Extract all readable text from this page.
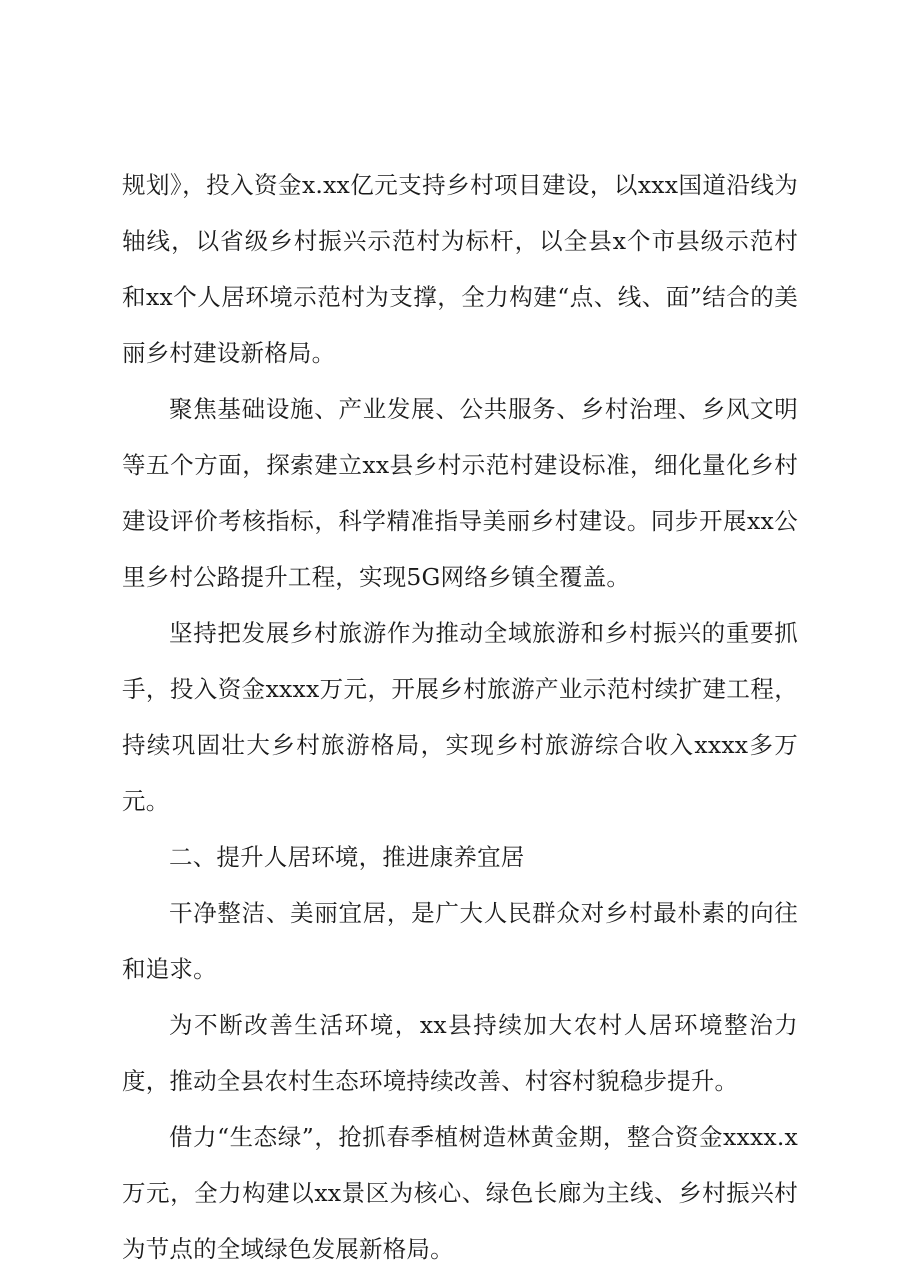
规划》，投入资金x.xx亿元支持乡村项目建设，以xxx国道沿线为轴线，以省级乡村振兴示范村为标杆，以全县x个市县级示范村和xx个人居环境示范村为支撑，全力构建“点、线、面”结合的美丽乡村建设新格局。

聚焦基础设施、产业发展、公共服务、乡村治理、乡风文明等五个方面，探索建立xx县乡村示范村建设标准，细化量化乡村建设评价考核指标，科学精准指导美丽乡村建设。同步开展xx公里乡村公路提升工程，实现5G网络乡镇全覆盖。

坚持把发展乡村旅游作为推动全域旅游和乡村振兴的重要抓手，投入资金xxxx万元，开展乡村旅游产业示范村续扩建工程，持续巩固壮大乡村旅游格局，实现乡村旅游综合收入xxxx多万元。

二、提升人居环境，推进康养宜居

干净整洁、美丽宜居，是广大人民群众对乡村最朴素的向往和追求。

为不断改善生活环境，xx县持续加大农村人居环境整治力度，推动全县农村生态环境持续改善、村容村貌稳步提升。

借力“生态绿”，抢抓春季植树造林黄金期，整合资金xxxx.x万元，全力构建以xx景区为核心、绿色长廊为主线、乡村振兴村为节点的全域绿色发展新格局。
